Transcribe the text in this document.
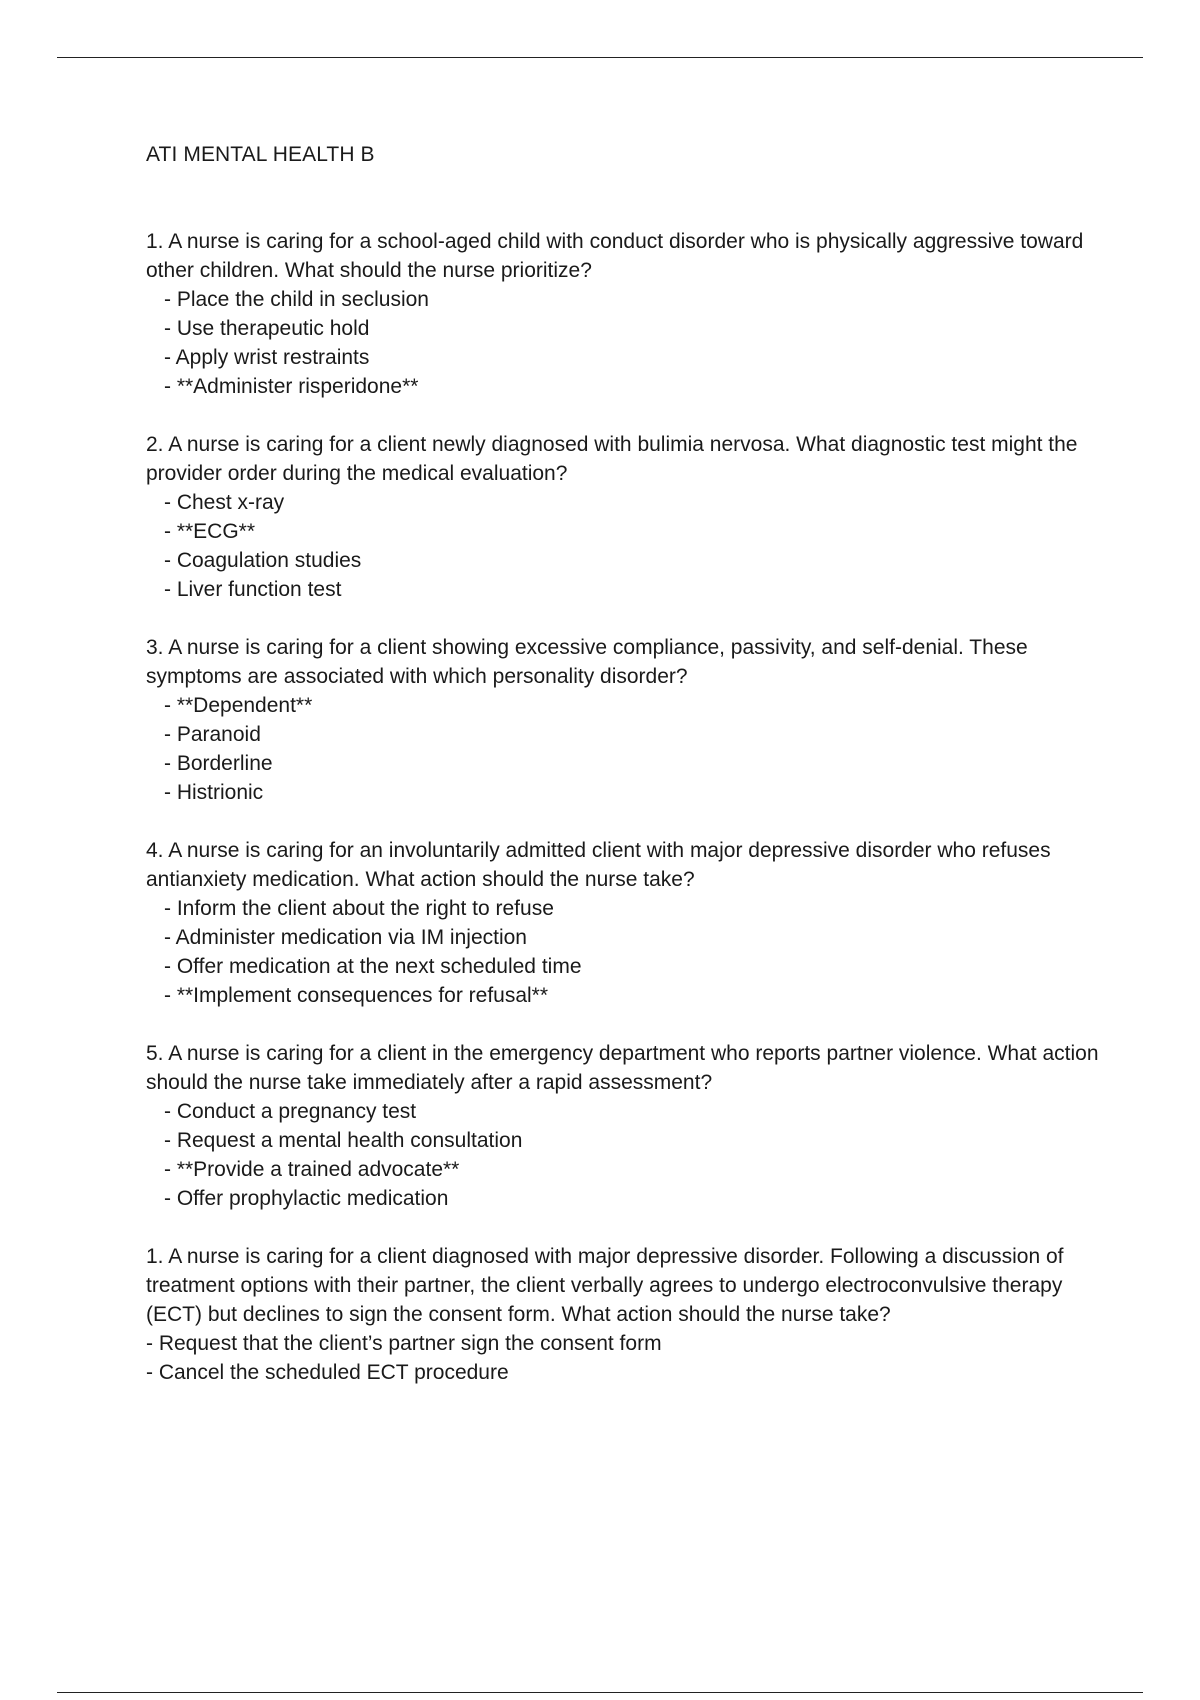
ATI MENTAL HEALTH B

1. A nurse is caring for a school-aged child with conduct disorder who is physically aggressive toward other children. What should the nurse prioritize?

- Place the child in seclusion
- Use therapeutic hold
- Apply wrist restraints
- **Administer risperidone**

2. A nurse is caring for a client newly diagnosed with bulimia nervosa. What diagnostic test might the provider order during the medical evaluation?

- Chest x-ray
- **ECG**
- Coagulation studies
- Liver function test

3. A nurse is caring for a client showing excessive compliance, passivity, and self-denial. These symptoms are associated with which personality disorder?

- **Dependent**
- Paranoid
- Borderline
- Histrionic

4. A nurse is caring for an involuntarily admitted client with major depressive disorder who refuses antianxiety medication. What action should the nurse take?

- Inform the client about the right to refuse
- Administer medication via IM injection
- Offer medication at the next scheduled time
- **Implement consequences for refusal**

5. A nurse is caring for a client in the emergency department who reports partner violence. What action should the nurse take immediately after a rapid assessment?

- Conduct a pregnancy test
- Request a mental health consultation
- **Provide a trained advocate**
- Offer prophylactic medication

1. A nurse is caring for a client diagnosed with major depressive disorder. Following a discussion of treatment options with their partner, the client verbally agrees to undergo electroconvulsive therapy (ECT) but declines to sign the consent form. What action should the nurse take?

- Request that the client’s partner sign the consent form
- Cancel the scheduled ECT procedure
